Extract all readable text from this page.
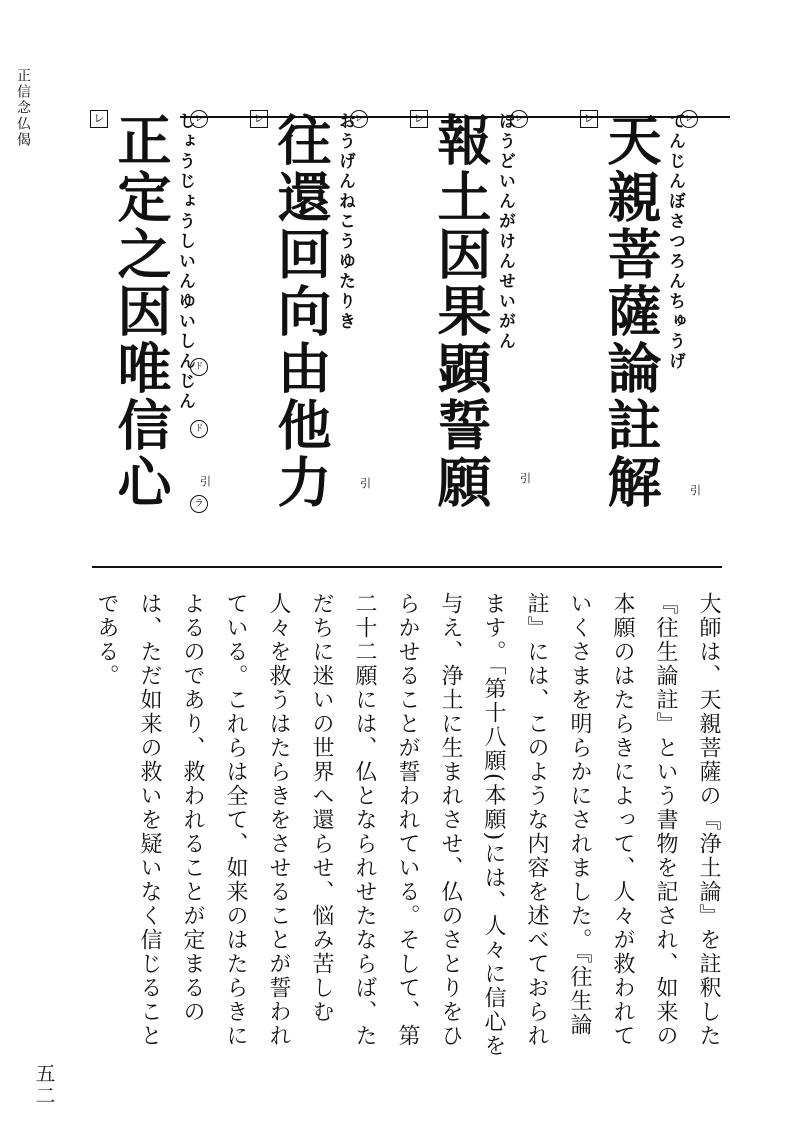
正信念仏偈	レ	レ
天親菩薩論註解 てんじんぼさつろんちゅうげ
引
レ	レ
報土因果顕誓願 ほうどいんがけんせいがん
引
レ	レ
往還回向由他力 おうげんねこうゆたりき
引
レ	レ
正定之因唯信心 しょうじょうしいんゆいしんじん ド
ド
ラ
引
大師は、天親菩薩の『浄土論』を註釈した『往生論註』という書物を記され、如来の本願のはたらきによって、人々が救われていくさまを明らかにされました。『往生論註』には、このような内容を述べておられます。「第十八願(本願)には、人々に信心を与え、浄土に生まれさせ、仏のさとりをひらかせることが誓われている。そして、第二十二願には、仏となられせたならば、ただちに迷いの世界へ還らせ、悩み苦しむ人々を救うはたらきをさせることが誓われている。これらは全て、如来のはたらきによるのであり、救われることが定まるのは、ただ如来の救いを疑いなく信じることである。
五二
